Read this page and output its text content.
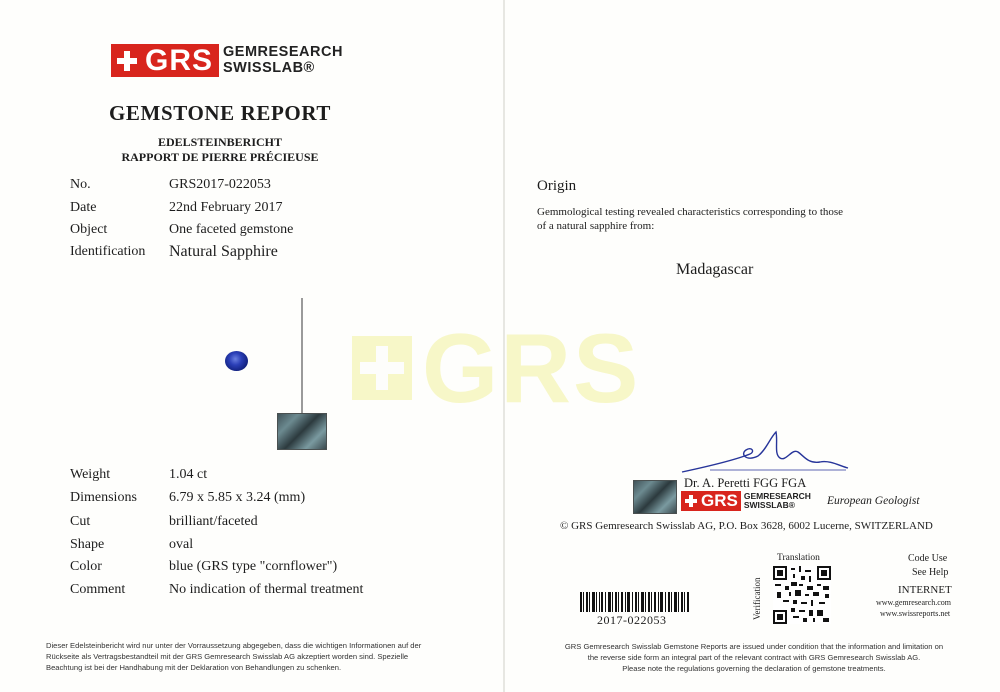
GRS
GRS GEMRESEARCH
SWISSLAB®
GEMSTONE REPORT
EDELSTEINBERICHT
RAPPORT DE PIERRE PRÉCIEUSE
No.	GRS2017-022053
Date	22nd February 2017
Object	One faceted gemstone
Identification Natural Sapphire
Weight	1.04 ct
Dimensions 6.79 x 5.85 x 3.24 (mm)
Cut	brilliant/faceted
Shape	oval
Color	blue (GRS type "cornflower")
Comment	No indication of thermal treatment
Dieser Edelsteinbericht wird nur unter der Vorraussetzung abgegeben, dass die wichtigen Informationen auf der
Rückseite als Vertragsbestandteil mit der GRS Gemresearch Swisslab AG akzeptiert worden sind. Spezielle
Beachtung ist bei der Handhabung mit der Deklaration von Behandlungen zu schenken.
Origin
Gemmological testing revealed characteristics corresponding to those
of a natural sapphire from:
Madagascar
Dr. A. Peretti FGG FGA
GRS GEMRESEARCH
SWISSLAB®	European Geologist
© GRS Gemresearch Swisslab AG, P.O. Box 3628, 6002 Lucerne, SWITZERLAND
Translation
Verification
2017-022053
Code Use
See Help
INTERNET
www.gemresearch.com
www.swissreports.net
GRS Gemresearch Swisslab Gemstone Reports are issued under condition that the information and limitation on
the reverse side form an integral part of the relevant contract with GRS Gemresearch Swisslab AG.
Please note the regulations governing the declaration of gemstone treatments.
